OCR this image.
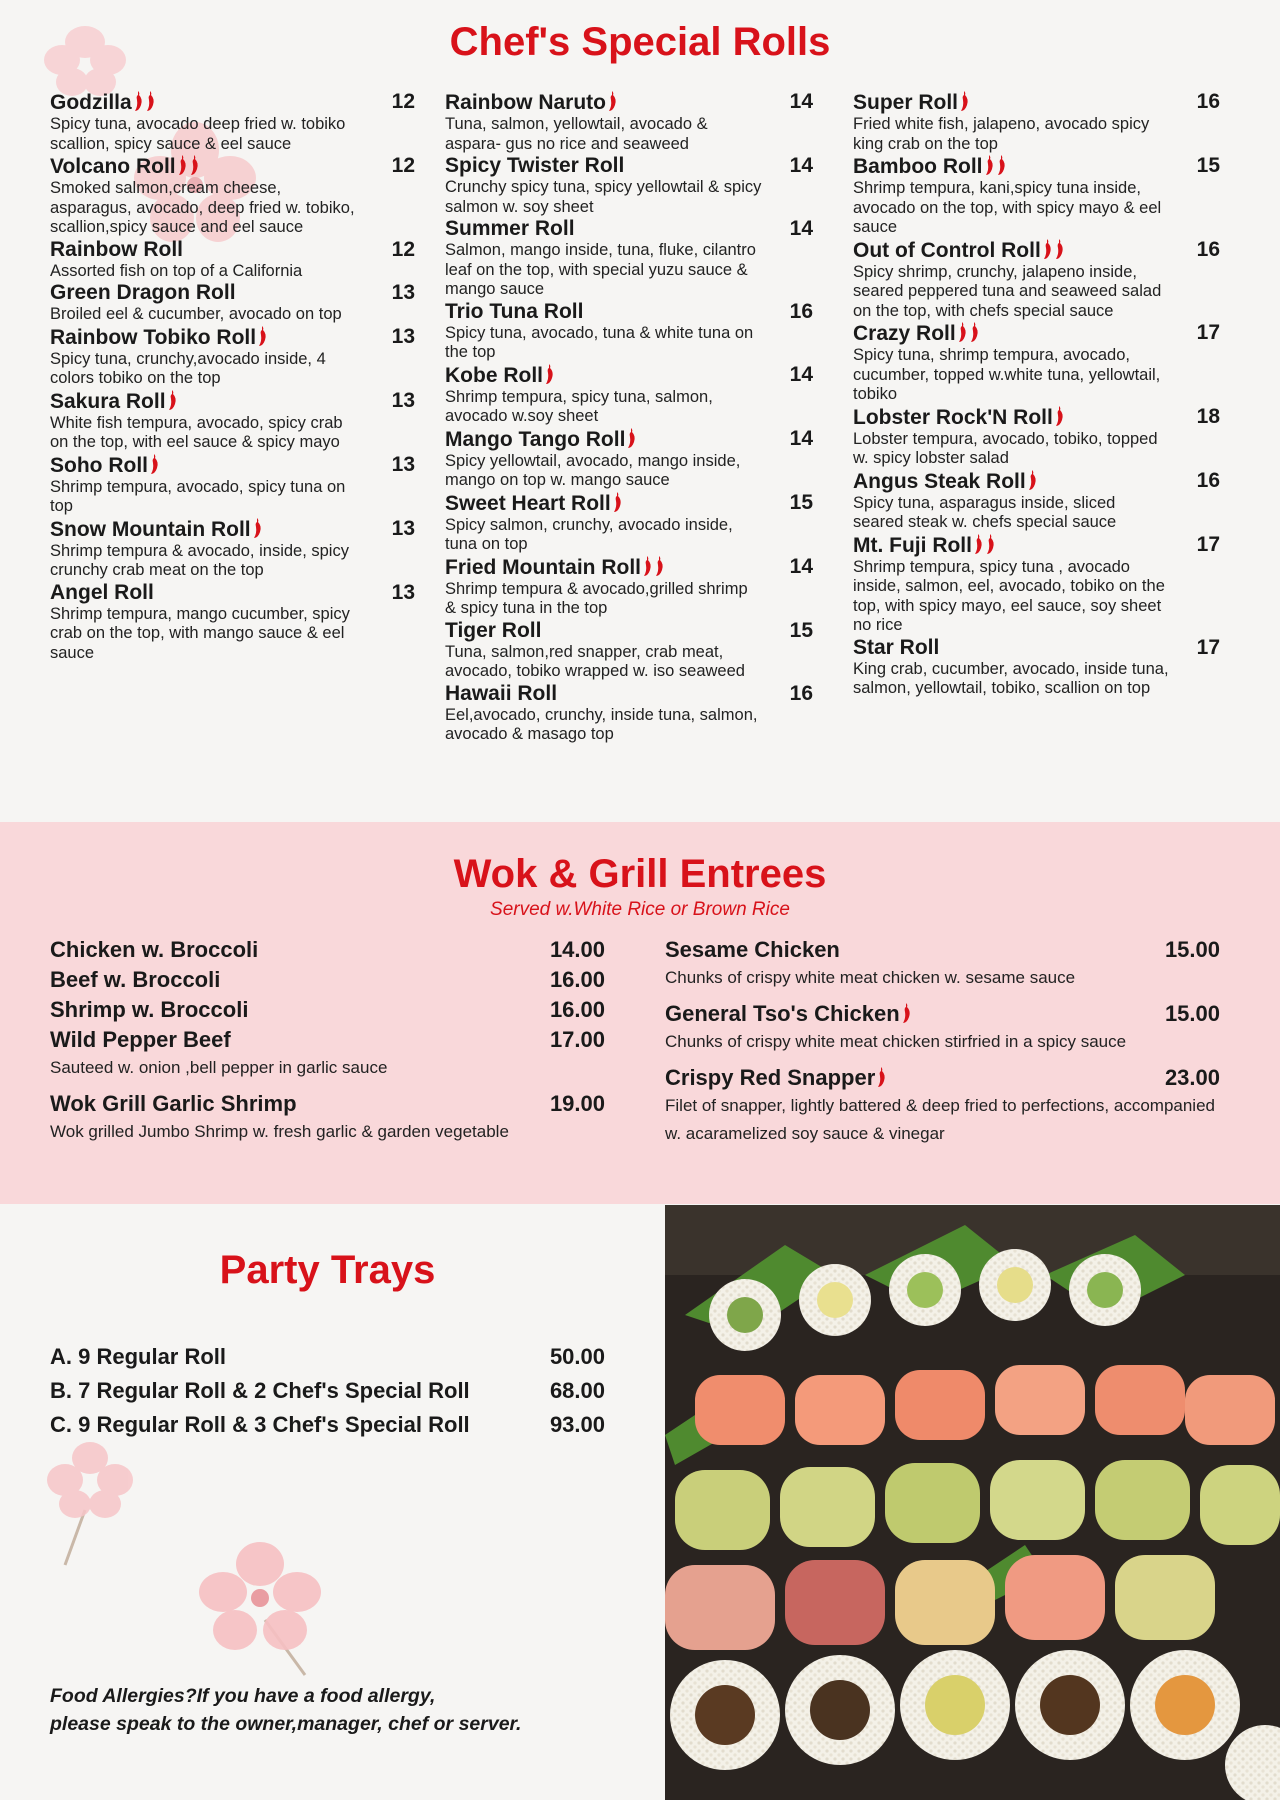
Chef's Special Rolls
Godzilla	12
Spicy tuna, avocado deep fried w. tobiko scallion, spicy sauce & eel sauce
Volcano Roll	12
Smoked salmon,cream cheese, asparagus, avocado, deep fried w. tobiko, scallion,spicy sauce and eel sauce
Rainbow Roll	12
Assorted fish on top of a California
Green Dragon Roll	13
Broiled eel & cucumber, avocado on top
Rainbow Tobiko Roll	13
Spicy tuna, crunchy,avocado inside, 4 colors tobiko on the top
Sakura Roll	13
White fish tempura, avocado, spicy crab on the top, with eel sauce & spicy mayo
Soho Roll	13
Shrimp tempura, avocado, spicy tuna on top
Snow Mountain Roll	13
Shrimp tempura & avocado, inside, spicy crunchy crab meat on the top
Angel Roll	13
Shrimp tempura, mango cucumber, spicy crab on the top, with mango sauce & eel sauce
Rainbow Naruto	14
Tuna, salmon, yellowtail, avocado & aspara- gus no rice and seaweed
Spicy Twister Roll	14
Crunchy spicy tuna, spicy yellowtail & spicy salmon w. soy sheet
Summer Roll	14
Salmon, mango inside, tuna, fluke, cilantro leaf on the top, with special yuzu sauce & mango sauce
Trio Tuna Roll	16
Spicy tuna, avocado, tuna & white tuna on the top
Kobe Roll	14
Shrimp tempura, spicy tuna, salmon, avocado w.soy sheet
Mango Tango Roll	14
Spicy yellowtail, avocado, mango inside, mango on top w. mango sauce
Sweet Heart Roll	15
Spicy salmon, crunchy, avocado inside, tuna on top
Fried Mountain Roll	14
Shrimp tempura & avocado,grilled shrimp & spicy tuna in the top
Tiger Roll	15
Tuna, salmon,red snapper, crab meat, avocado, tobiko wrapped w. iso seaweed
Hawaii Roll	16
Eel,avocado, crunchy, inside tuna, salmon, avocado & masago top
Super Roll	16
Fried white fish, jalapeno, avocado spicy king crab on the top
Bamboo Roll	15
Shrimp tempura, kani,spicy tuna inside, avocado on the top, with spicy mayo & eel sauce
Out of Control Roll	16
Spicy shrimp, crunchy, jalapeno inside, seared peppered tuna and seaweed salad on the top, with chefs special sauce
Crazy Roll	17
Spicy tuna, shrimp tempura, avocado, cucumber, topped w.white tuna, yellowtail, tobiko
Lobster Rock'N Roll	18
Lobster tempura, avocado, tobiko, topped w. spicy lobster salad
Angus Steak Roll	16
Spicy tuna, asparagus inside, sliced seared steak w. chefs special sauce
Mt. Fuji Roll	17
Shrimp tempura, spicy tuna , avocado inside, salmon, eel, avocado, tobiko on the top, with spicy mayo, eel sauce, soy sheet no rice
Star Roll	17
King crab, cucumber, avocado, inside tuna, salmon, yellowtail, tobiko, scallion on top
Wok & Grill Entrees

Served w.White Rice or Brown Rice

Chicken w. Broccoli	14.00
Beef w. Broccoli	16.00
Shrimp w. Broccoli	16.00
Wild Pepper Beef	17.00
Sauteed w. onion ,bell pepper in garlic sauce
Wok Grill Garlic Shrimp	19.00
Wok grilled Jumbo Shrimp w. fresh garlic & garden vegetable
Sesame Chicken	15.00
Chunks of crispy white meat chicken w. sesame sauce
General Tso's Chicken	15.00
Chunks of crispy white meat chicken stirfried in a spicy sauce
Crispy Red Snapper	23.00
Filet of snapper, lightly battered & deep fried to perfections, accompanied w. acaramelized soy sauce & vinegar
Party Trays
A. 9 Regular Roll	50.00
B. 7 Regular Roll & 2 Chef's Special Roll	68.00
C. 9 Regular Roll & 3 Chef's Special Roll	93.00
Food Allergies?If you have a food allergy,
please speak to the owner,manager, chef or server.
